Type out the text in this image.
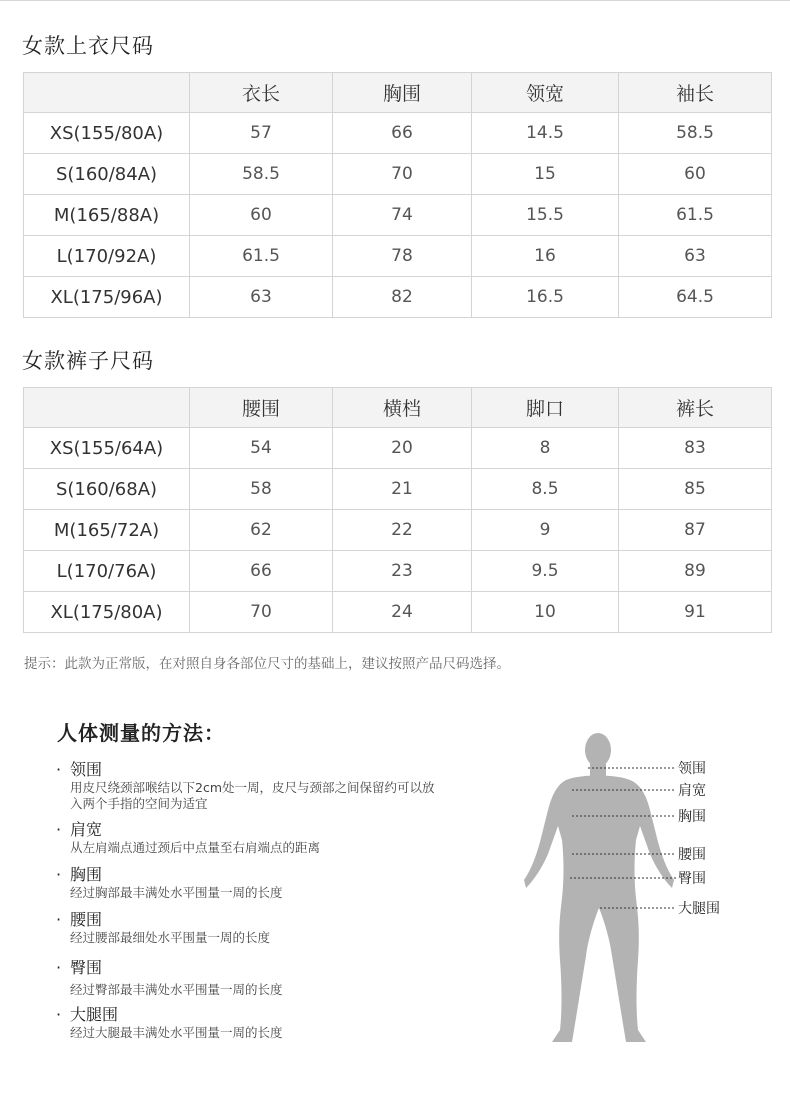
女款上衣尺码
	衣长	胸围	领宽	袖长
XS(155/80A)	57	66	14.5	58.5
S(160/84A)	58.5	70	15	60
M(165/88A)	60	74	15.5	61.5
L(170/92A)	61.5	78	16	63
XL(175/96A)	63	82	16.5	64.5
女款裤子尺码
	腰围	横档	脚口	裤长
XS(155/64A)	54	20	8	83
S(160/68A)	58	21	8.5	85
M(165/72A)	62	22	9	87
L(170/76A)	66	23	9.5	89
XL(175/80A)	70	24	10	91
提示：此款为正常版，在对照自身各部位尺寸的基础上，建议按照产品尺码选择。
人体测量的方法：
· 领围
用皮尺绕颈部喉结以下2cm处一周，皮尺与颈部之间保留约可以放入两个手指的空间为适宜
· 肩宽
从左肩端点通过颈后中点量至右肩端点的距离
· 胸围
经过胸部最丰满处水平围量一周的长度
· 腰围
经过腰部最细处水平围量一周的长度
· 臀围
经过臀部最丰满处水平围量一周的长度
· 大腿围
经过大腿最丰满处水平围量一周的长度
领围
肩宽
胸围
腰围
臀围
大腿围
